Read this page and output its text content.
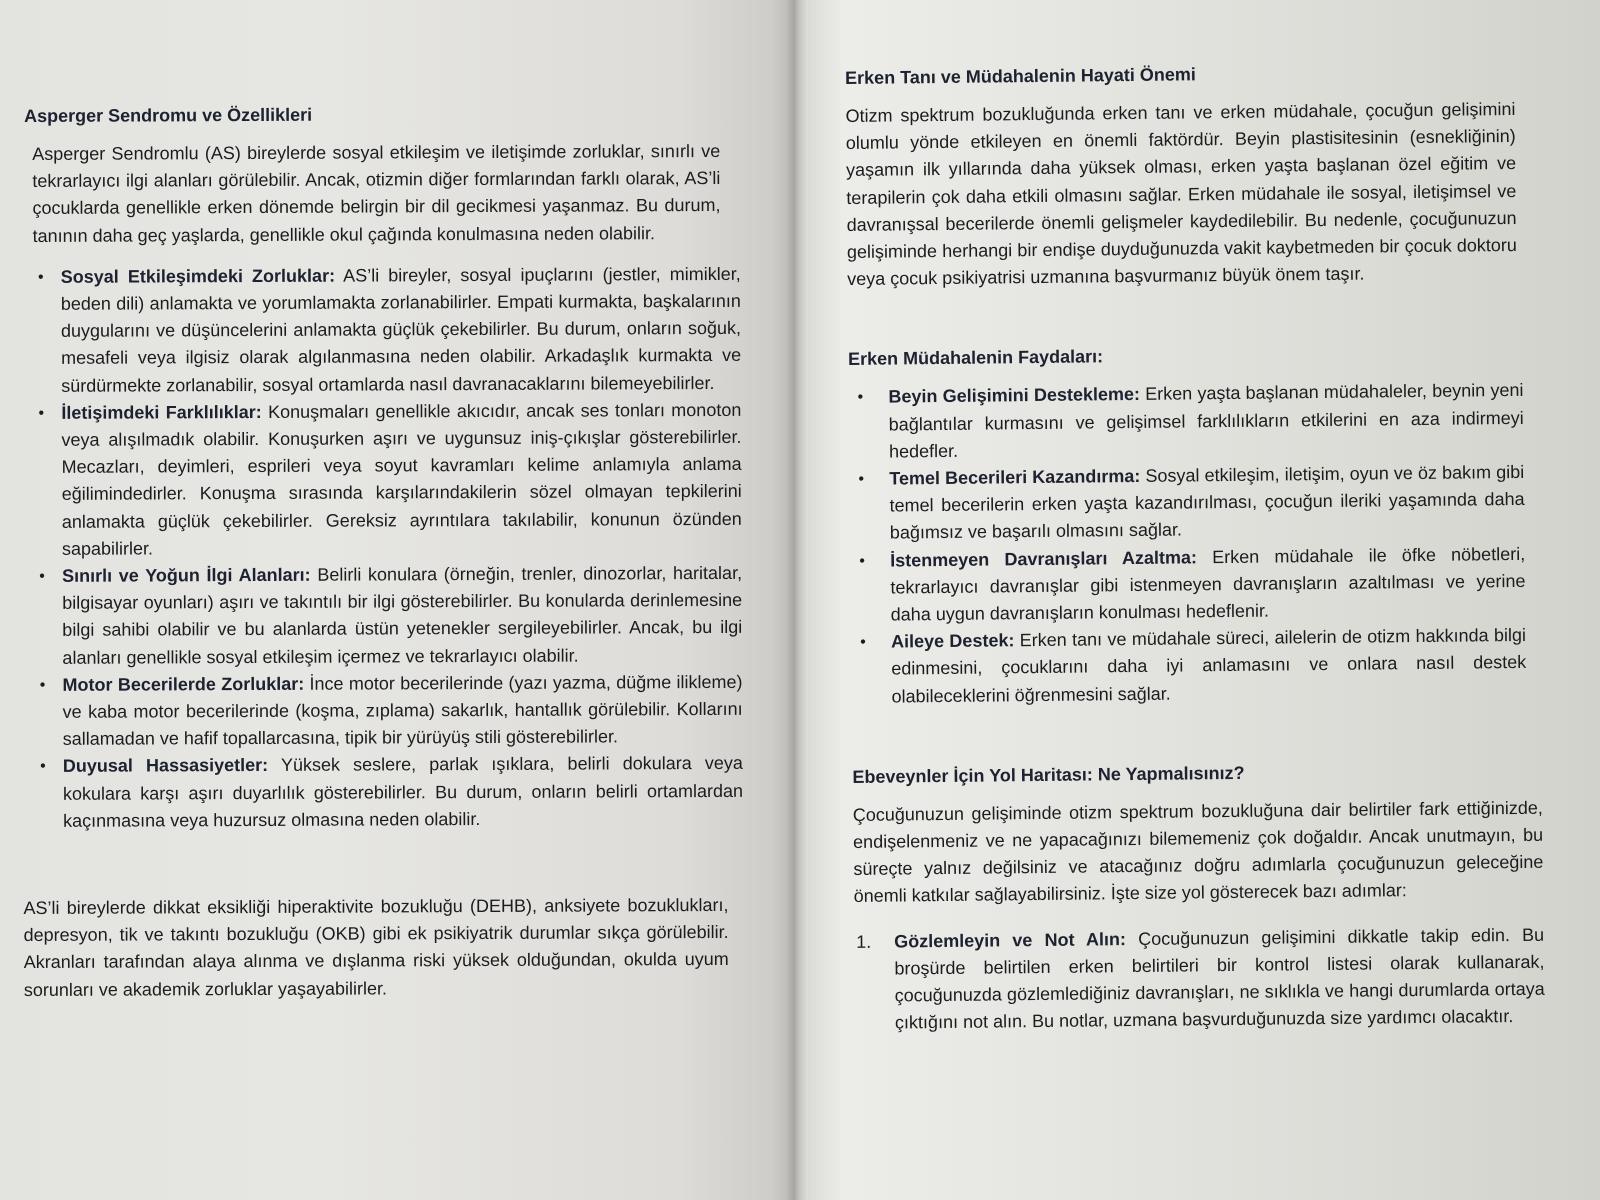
Asperger Sendromu ve Özellikleri

Asperger Sendromlu (AS) bireylerde sosyal etkileşim ve iletişimde zorluklar, sınırlı ve tekrarlayıcı ilgi alanları görülebilir. Ancak, otizmin diğer formlarından farklı olarak, AS’li çocuklarda genellikle erken dönemde belirgin bir dil gecikmesi yaşanmaz. Bu durum, tanının daha geç yaşlarda, genellikle okul çağında konulmasına neden olabilir.

• Sosyal Etkileşimdeki Zorluklar: AS’li bireyler, sosyal ipuçlarını (jestler, mimikler, beden dili) anlamakta ve yorumlamakta zorlanabilirler. Empati kurmakta, başkalarının duygularını ve düşüncelerini anlamakta güçlük çekebilirler. Bu durum, onların soğuk, mesafeli veya ilgisiz olarak algılanmasına neden olabilir. Arkadaşlık kurmakta ve sürdürmekte zorlanabilir, sosyal ortamlarda nasıl davranacaklarını bilemeyebilirler.
• İletişimdeki Farklılıklar: Konuşmaları genellikle akıcıdır, ancak ses tonları monoton veya alışılmadık olabilir. Konuşurken aşırı ve uygunsuz iniş-çıkışlar gösterebilirler. Mecazları, deyimleri, esprileri veya soyut kavramları kelime anlamıyla anlama eğilimindedirler. Konuşma sırasında karşılarındakilerin sözel olmayan tepkilerini anlamakta güçlük çekebilirler. Gereksiz ayrıntılara takılabilir, konunun özünden sapabilirler.
• Sınırlı ve Yoğun İlgi Alanları: Belirli konulara (örneğin, trenler, dinozorlar, haritalar, bilgisayar oyunları) aşırı ve takıntılı bir ilgi gösterebilirler. Bu konularda derinlemesine bilgi sahibi olabilir ve bu alanlarda üstün yetenekler sergileyebilirler. Ancak, bu ilgi alanları genellikle sosyal etkileşim içermez ve tekrarlayıcı olabilir.
• Motor Becerilerde Zorluklar: İnce motor becerilerinde (yazı yazma, düğme ilikleme) ve kaba motor becerilerinde (koşma, zıplama) sakarlık, hantallık görülebilir. Kollarını sallamadan ve hafif topallarcasına, tipik bir yürüyüş stili gösterebilirler.
• Duyusal Hassasiyetler: Yüksek seslere, parlak ışıklara, belirli dokulara veya kokulara karşı aşırı duyarlılık gösterebilirler. Bu durum, onların belirli ortamlardan kaçınmasına veya huzursuz olmasına neden olabilir.

AS’li bireylerde dikkat eksikliği hiperaktivite bozukluğu (DEHB), anksiyete bozuklukları, depresyon, tik ve takıntı bozukluğu (OKB) gibi ek psikiyatrik durumlar sıkça görülebilir. Akranları tarafından alaya alınma ve dışlanma riski yüksek olduğundan, okulda uyum sorunları ve akademik zorluklar yaşayabilirler.

Erken Tanı ve Müdahalenin Hayati Önemi

Otizm spektrum bozukluğunda erken tanı ve erken müdahale, çocuğun gelişimini olumlu yönde etkileyen en önemli faktördür. Beyin plastisitesinin (esnekliğinin) yaşamın ilk yıllarında daha yüksek olması, erken yaşta başlanan özel eğitim ve terapilerin çok daha etkili olmasını sağlar. Erken müdahale ile sosyal, iletişimsel ve davranışsal becerilerde önemli gelişmeler kaydedilebilir. Bu nedenle, çocuğunuzun gelişiminde herhangi bir endişe duyduğunuzda vakit kaybetmeden bir çocuk doktoru veya çocuk psikiyatrisi uzmanına başvurmanız büyük önem taşır.

Erken Müdahalenin Faydaları:
•	Beyin Gelişimini Destekleme: Erken yaşta başlanan müdahaleler, beynin yeni bağlantılar kurmasını ve gelişimsel farklılıkların etkilerini en aza indirmeyi hedefler.
•	Temel Becerileri Kazandırma: Sosyal etkileşim, iletişim, oyun ve öz bakım gibi temel becerilerin erken yaşta kazandırılması, çocuğun ileriki yaşamında daha bağımsız ve başarılı olmasını sağlar.
•	İstenmeyen Davranışları Azaltma: Erken müdahale ile öfke nöbetleri, tekrarlayıcı davranışlar gibi istenmeyen davranışların azaltılması ve yerine daha uygun davranışların konulması hedeflenir.
•	Aileye Destek: Erken tanı ve müdahale süreci, ailelerin de otizm hakkında bilgi edinmesini, çocuklarını daha iyi anlamasını ve onlara nasıl destek olabileceklerini öğrenmesini sağlar.
Ebeveynler İçin Yol Haritası: Ne Yapmalısınız?

Çocuğunuzun gelişiminde otizm spektrum bozukluğuna dair belirtiler fark ettiğinizde, endişelenmeniz ve ne yapacağınızı bilememeniz çok doğaldır. Ancak unutmayın, bu süreçte yalnız değilsiniz ve atacağınız doğru adımlarla çocuğunuzun geleceğine önemli katkılar sağlayabilirsiniz. İşte size yol gösterecek bazı adımlar:

1. Gözlemleyin ve Not Alın: Çocuğunuzun gelişimini dikkatle takip edin. Bu broşürde belirtilen erken belirtileri bir kontrol listesi olarak kullanarak, çocuğunuzda gözlemlediğiniz davranışları, ne sıklıkla ve hangi durumlarda ortaya çıktığını not alın. Bu notlar, uzmana başvurduğunuzda size yardımcı olacaktır.
